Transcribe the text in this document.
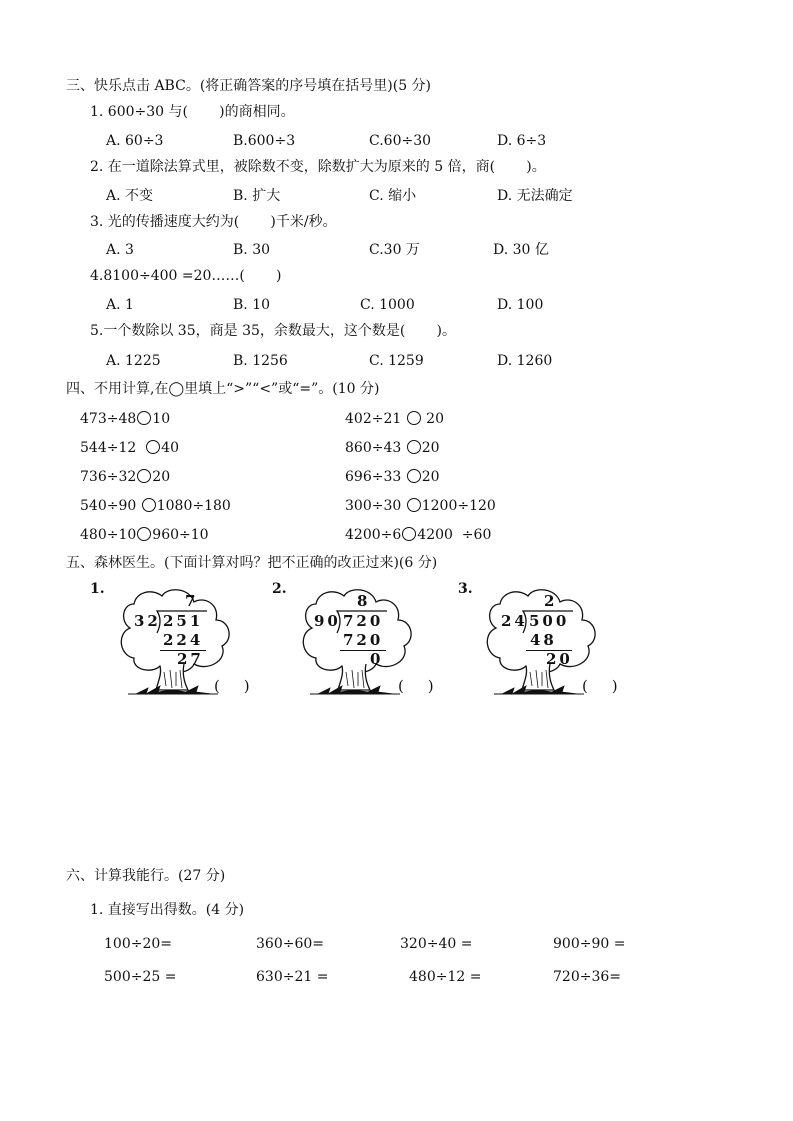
三、快乐点击 ABC。(将正确答案的序号填在括号里)(5 分)
1. 600÷30 与(       )的商相同。
A. 60÷3	B.600÷3	C.60÷30	D. 6÷3
2. 在一道除法算式里，被除数不变，除数扩大为原来的 5 倍，商(       )。
A. 不变	B. 扩大	C. 缩小	D. 无法确定
3. 光的传播速度大约为(       )千米/秒。
A. 3	B. 30	C.30 万	D. 30 亿
4.8100÷400 =20……(       )
A. 1	B. 10	C. 1000	D. 100
5.一个数除以 35，商是 35，余数最大，这个数是(       )。
A. 1225	B. 1256	C. 1259	D. 1260
四、不用计算,在◯里填上“>”“<”或“=”。(10 分)
473÷48 10	402÷21  20
544÷12  40	860÷43 20
736÷32 20	696÷33 20
540÷90 1080÷180	300÷30 1200÷120
480÷10 960÷10	4200÷6 4200  ÷60
五、森林医生。(下面计算对吗？把不正确的改正过来)(6 分)
1.
7
32 251
224
27
(     )
2.
8
90 720
720
0
(     )
3.
2
24 500
48
20
(     )
六、计算我能行。(27 分)
1. 直接写出得数。(4 分)
100÷20=	360÷60=	320÷40 =	900÷90 =
500÷25 =	630÷21 =	480÷12 =	720÷36=
